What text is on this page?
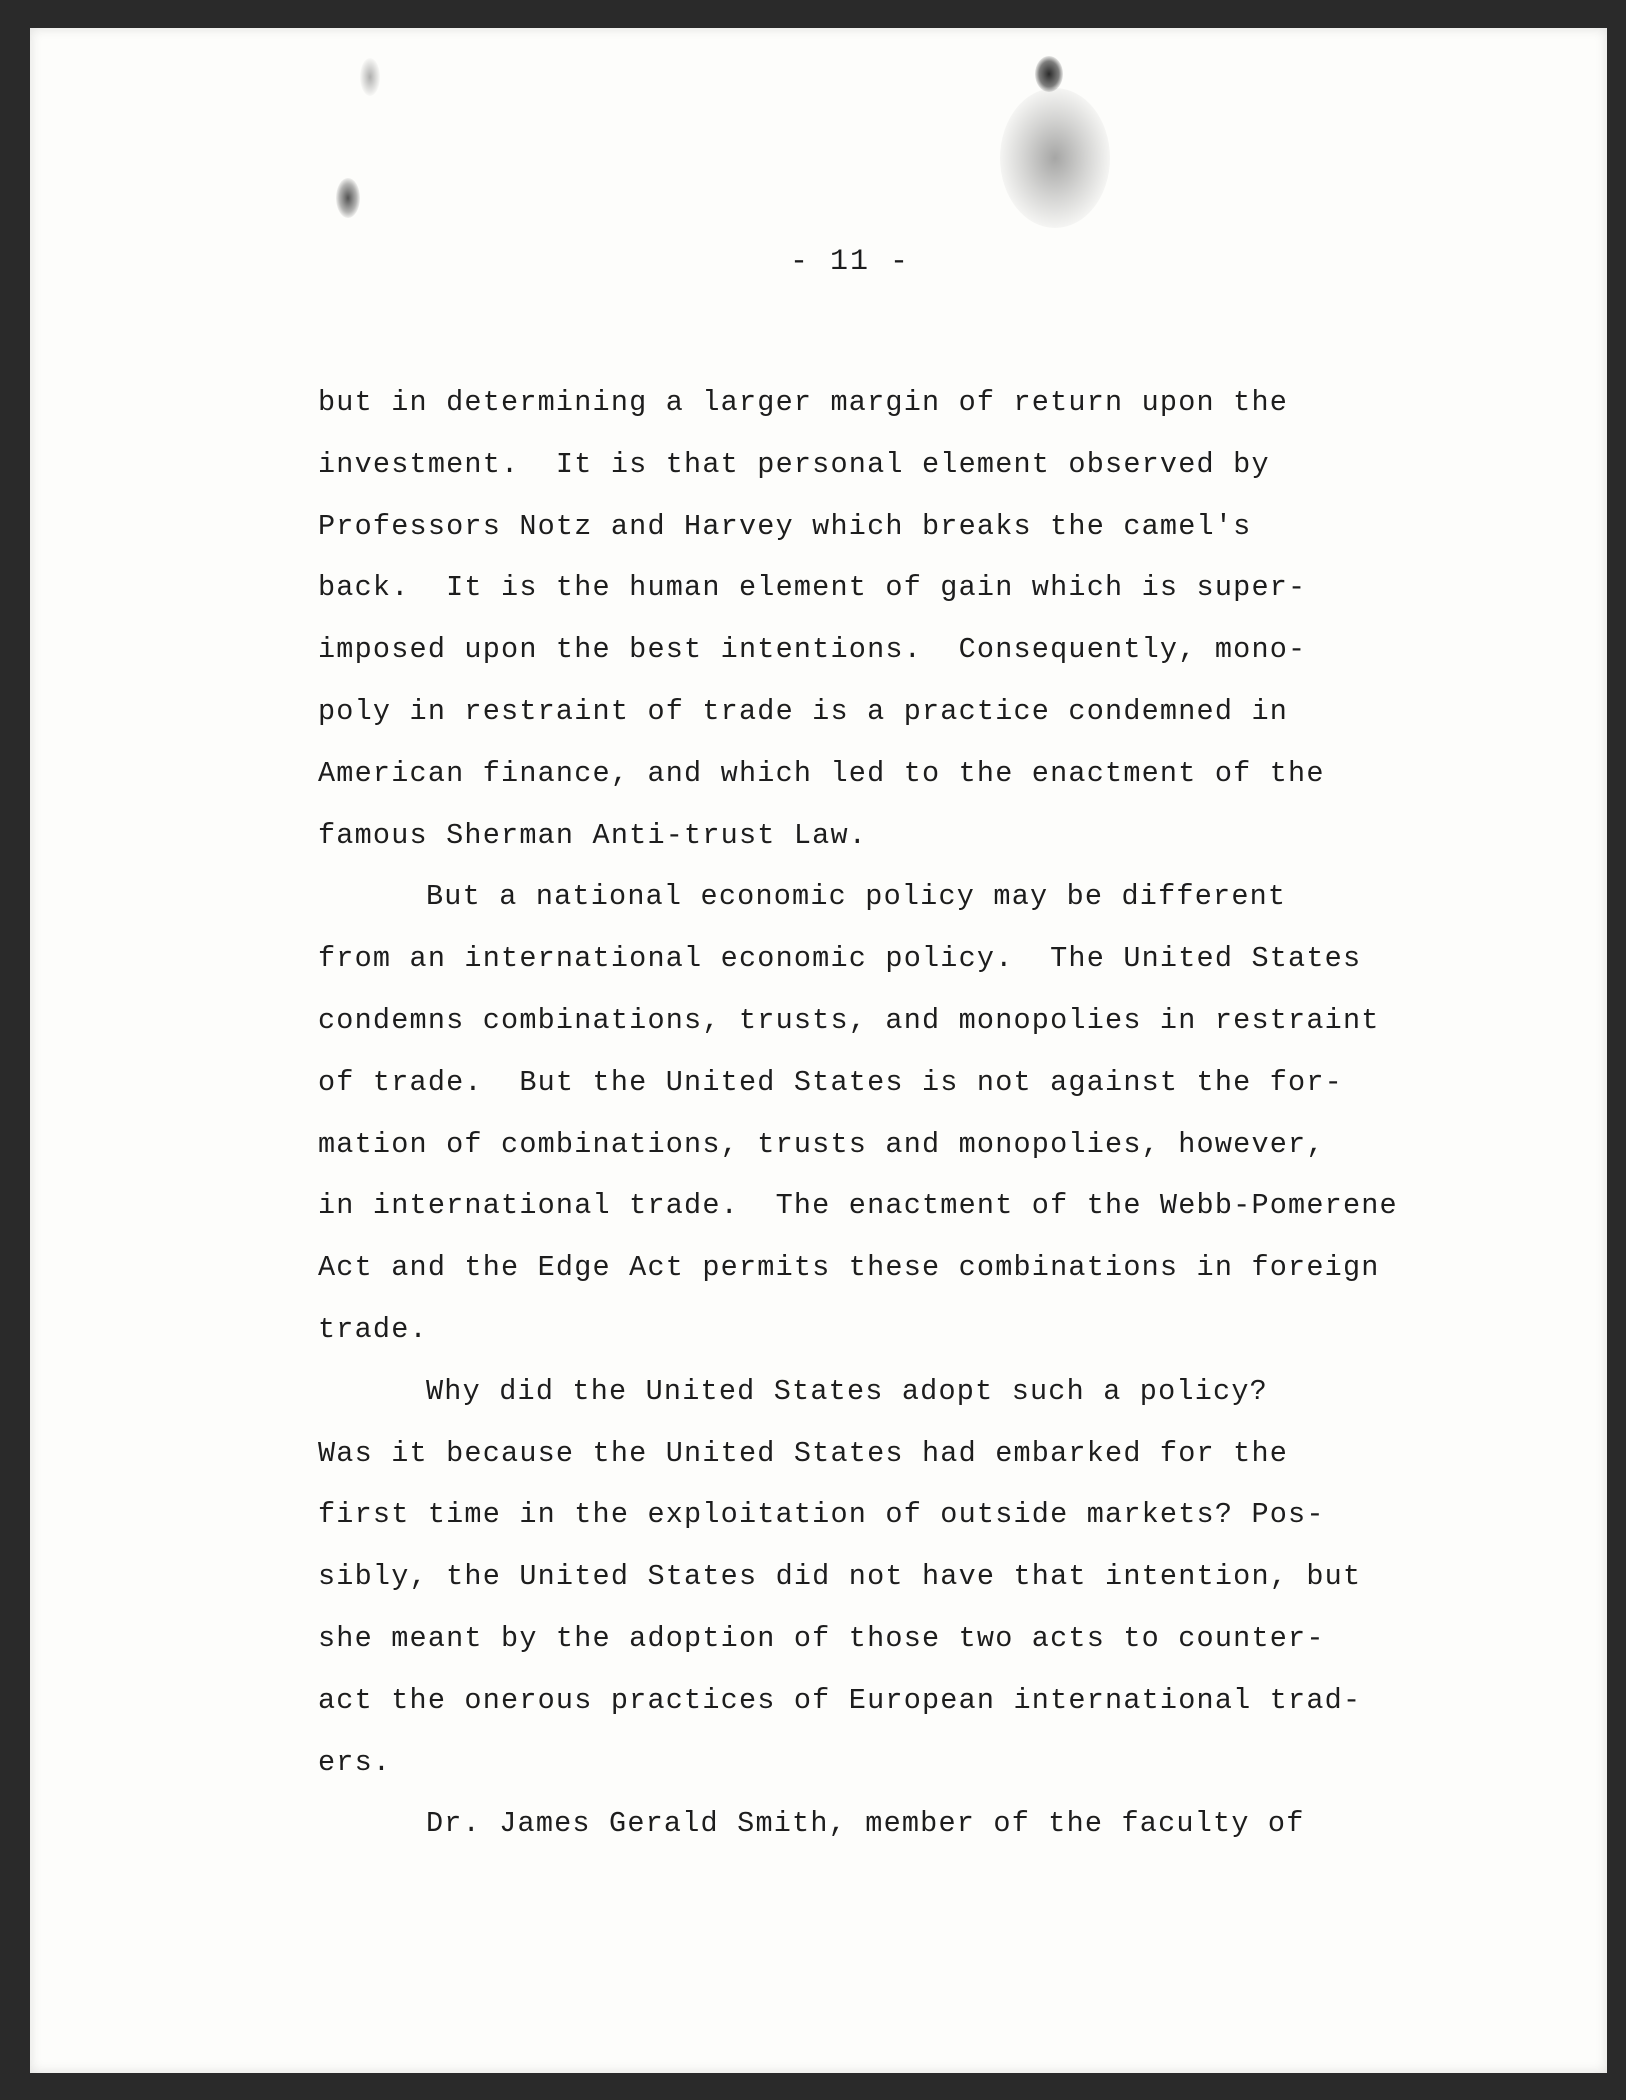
- 11 -
but in determining a larger margin of return upon the
investment.  It is that personal element observed by
Professors Notz and Harvey which breaks the camel's
back.  It is the human element of gain which is super-
imposed upon the best intentions.  Consequently, mono-
poly in restraint of trade is a practice condemned in
American finance, and which led to the enactment of the
famous Sherman Anti-trust Law.
But a national economic policy may be different
from an international economic policy.  The United States
condemns combinations, trusts, and monopolies in restraint
of trade.  But the United States is not against the for-
mation of combinations, trusts and monopolies, however,
in international trade.  The enactment of the Webb-Pomerene
Act and the Edge Act permits these combinations in foreign
trade.
Why did the United States adopt such a policy?
Was it because the United States had embarked for the
first time in the exploitation of outside markets? Pos-
sibly, the United States did not have that intention, but
she meant by the adoption of those two acts to counter-
act the onerous practices of European international trad-
ers.
Dr. James Gerald Smith, member of the faculty of
